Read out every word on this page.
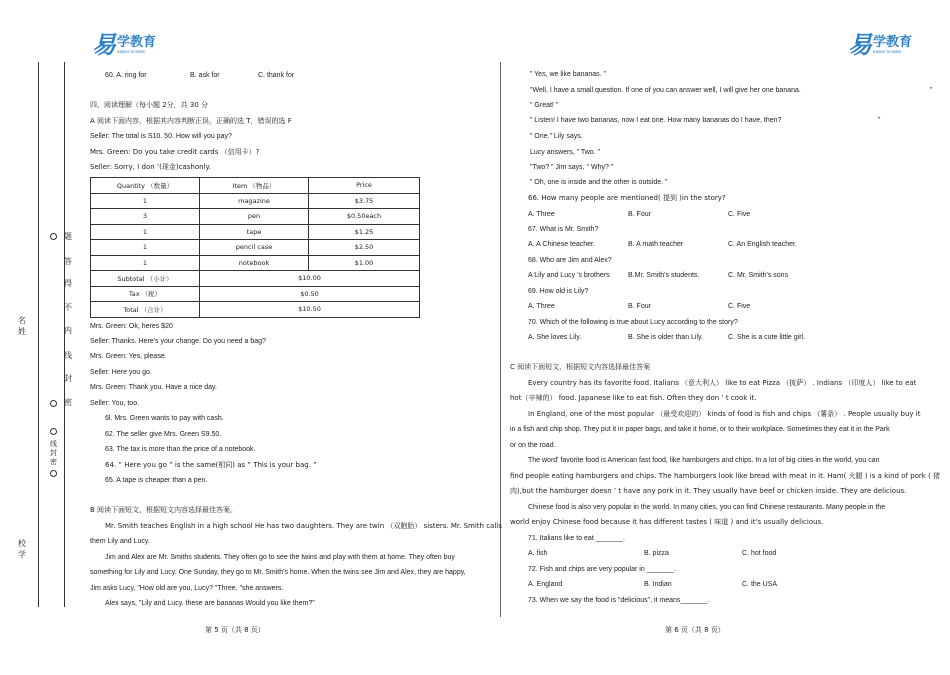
易 学教育
easier to learn	易 学教育
easier to learn
名姓
校学
题
答
得
不
内
线
封
密
线封密
60. A. ring for	B. ask for	C. thank for
四、阅读理解（每小题 2分，共 30 分
A 阅读下面内容，根据其内容判断正误，正确的选 T，错误的选 F
Seller: The total is S10. 50. How will you pay?
Mrs. Green: Do you take credit cards （信用卡）?
Seller: Sorry, I don ’(现金)cashonly.
Quantity （数量）	Item （物品）	Price
1	magazine	$3.75
3	pen	$0.50each
1	tape	$1.25
1	pencil case	$2.50
1	notebook	$1.00
Subtotal （小计）	$10.00	
Tax （税）	$0.50	
Total （合计）	$10.50	
Mrs. Green: Ok, heres $20
Seller: Thanks. Here's your change. Do you need a bag?
Mrs. Green: Yes, please.
Seller: Here you go.
Mrs. Green: Thank you. Have a nice day.
Seller: You, too.
6l. Mrs. Green wants to pay with cash.
62. The seller give Mrs. Green S9.50.
63. The tax is more than the price of a notebook.
64. ” Here you go ” is the same(相同) as ” This is your bag. ”
65. A tape is cheaper than a pen.
B 阅读下面短文，根据短文内容选择最佳答案。
Mr. Smith teaches English in a high school He has two daughters. They are twin （双胞胎） sisters. Mr. Smith calls
them Lily and Lucy.
Jim and Alex are Mr. Smiths students. They often go to see the twins and play with them at home. They often buy
something for Lily and Lucy. One Sunday, they go to Mr. Smith's home. When the twins see Jim and Alex, they are happy,
Jim asks Lucy, "How old are you, Lucy? "Three. "she answers.
Alex says, "Lily and Lucy. these are bananas Would you like them?"
第 5 页（共 8 页）
” Yes, we like bananas. ”
"Well, I have a small question. If one of you can answer well, I will give her one banana.	”
" Great! "
” Listen! I have two bananas, now I eat one. How many bananas do I have, then?	”
” One." Lily says.
Lucy answers, ” Two. ”
"Two? ” Jim says, " Why? ”
” Oh, one is inside and the other is outside. ”
66. How many people are mentioned( 提到 )in the story?
A. Three	B. Four	C. Five
67. What is Mr. Smith?
A. A Chinese teacher.	B. A math teacher	C. An English teacher.
68. Who are Jim and Alex?
A Lily and Lucy ’s brothers	B.Mr. Smith's students.	C. Mr. Smith's sons
69. How old is Lily?
A. Three	B. Four	C. Five
70. Which of the following is true about Lucy according to the story?
A. She loves Lily.	B. She is older than Lily.	C. She is a cute little girl.
C 阅读下面短文，根据短文内容选择最佳答案
Every country has its favorite food. Italians （意大利人） like to eat Pizza （披萨） . Indians （印度人） like to eat
hot（辛辣的） food. Japanese like to eat fish. Often they don ’ t cook it.
In England, one of the most popular （最受欢迎的） kinds of food is fish and chips （薯条） . People usually buy it
in a fish and chip shop. They put it in paper bags, and take it home, or to their workplace. Sometimes they eat it in the Park
or on the road.
The word' favorite food is American fast food, like hamburgers and chips. In a lot of big cities in the world, you can
find people eating hamburgers and chips. The hamburgers look like bread with meat in it. Ham( 火腿 ) is a kind of pork ( 猪
肉),but the hamburger doesn ’ t have any pork in it. They usually have beef or chicken inside. They are delicious.
Chinese food is also very popular in the world. In many cities, you can find Chinese restaurants. Many people in the
world enjoy Chinese food because it has different tastes ( 味道 ) and it's usually delicious.
71. Italians like to eat _______.
A. fish	B. pizza	C. hot food
72. Fish and chips are very popular in _______.
A. England	B. Indian	C. the USA
73. When we say the food is "delicious", it means_______.
第 6 页（共 8 页）
